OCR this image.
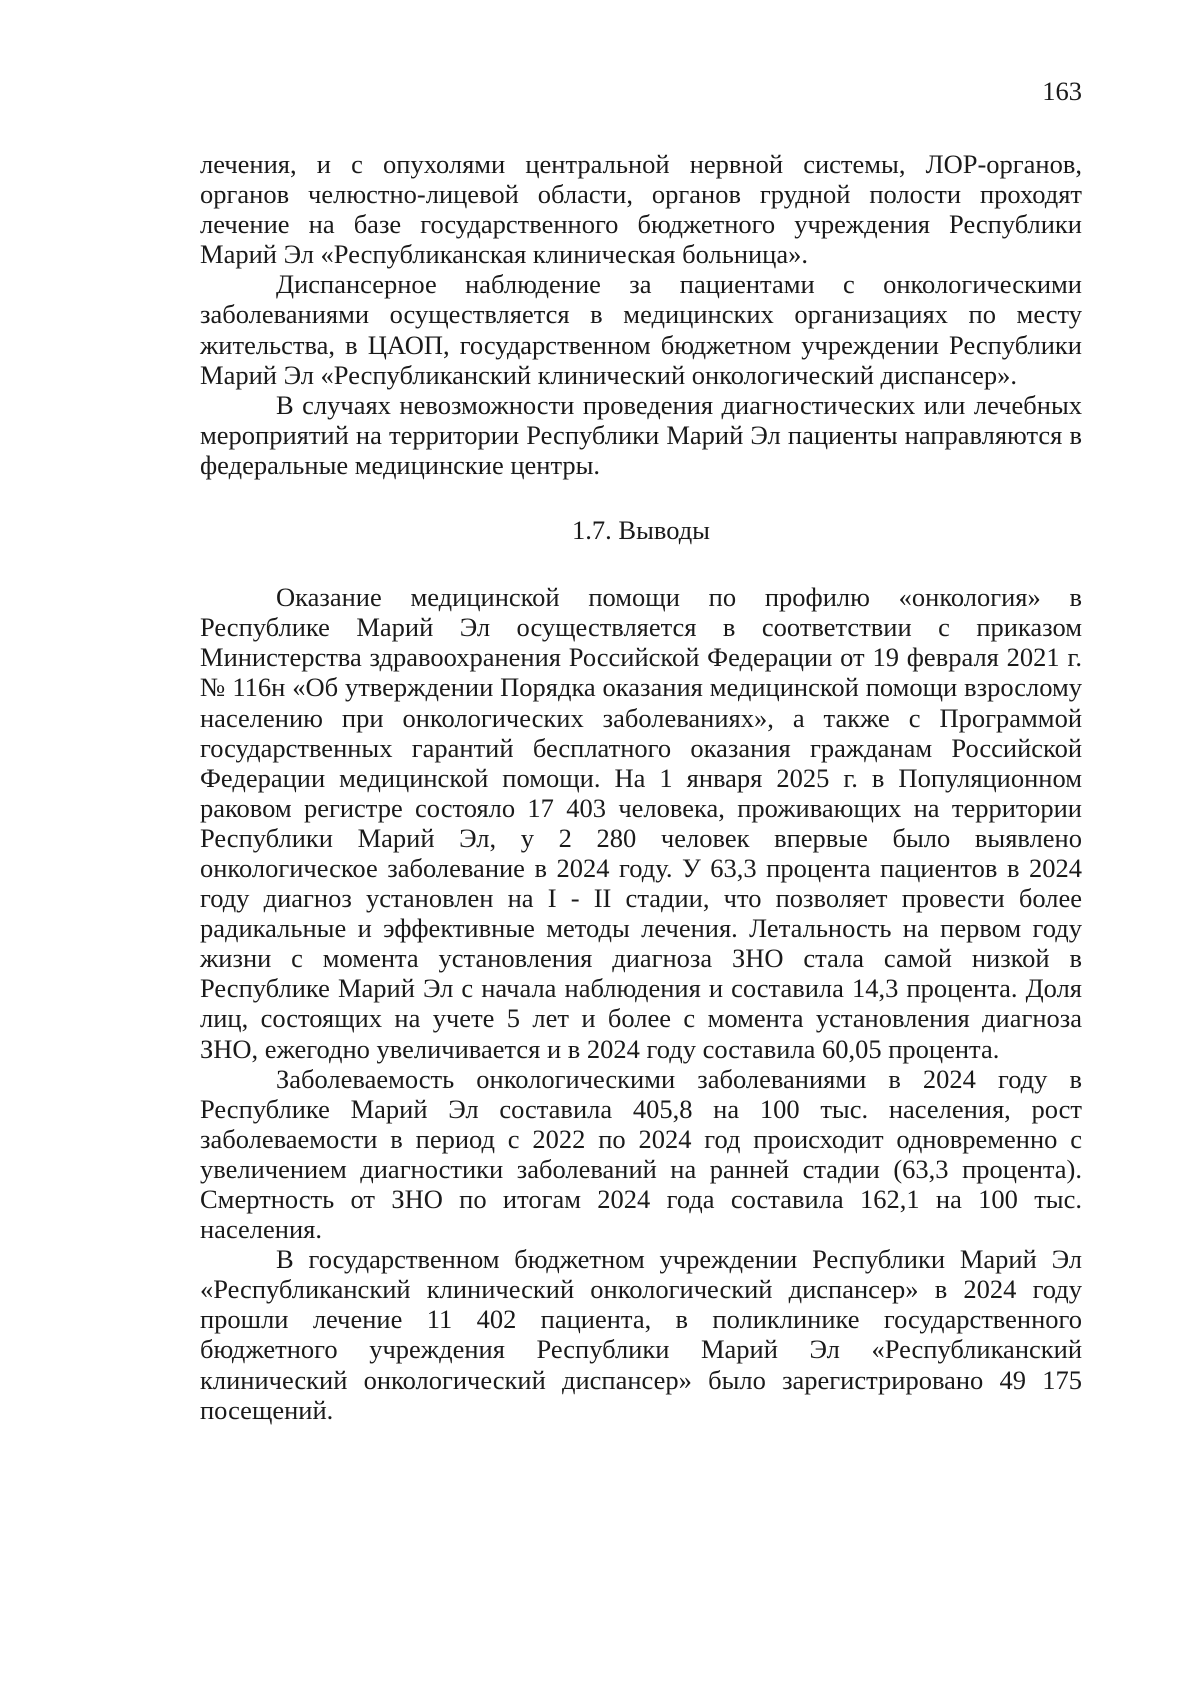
163

лечения, и с опухолями центральной нервной системы, ЛОР-органов, органов челюстно-лицевой области, органов грудной полости проходят лечение на базе государственного бюджетного учреждения Республики Марий Эл «Республиканская клиническая больница».

Диспансерное наблюдение за пациентами с онкологическими заболеваниями осуществляется в медицинских организациях по месту жительства, в ЦАОП, государственном бюджетном учреждении Республики Марий Эл «Республиканский клинический онкологический диспансер».

В случаях невозможности проведения диагностических или лечебных мероприятий на территории Республики Марий Эл пациенты направляются в федеральные медицинские центры.

1.7. Выводы

Оказание медицинской помощи по профилю «онкология» в Республике Марий Эл осуществляется в соответствии с приказом Министерства здравоохранения Российской Федерации от 19 февраля 2021 г. № 116н «Об утверждении Порядка оказания медицинской помощи взрослому населению при онкологических заболеваниях», а также с Программой государственных гарантий бесплатного оказания гражданам Российской Федерации медицинской помощи. На 1 января 2025 г. в Популяционном раковом регистре состояло 17 403 человека, проживающих на территории Республики Марий Эл, у 2 280 человек впервые было выявлено онкологическое заболевание в 2024 году. У 63,3 процента пациентов в 2024 году диагноз установлен на I - II стадии, что позволяет провести более радикальные и эффективные методы лечения. Летальность на первом году жизни с момента установления диагноза ЗНО стала самой низкой в Республике Марий Эл с начала наблюдения и составила 14,3 процента. Доля лиц, состоящих на учете 5 лет и более с момента установления диагноза ЗНО, ежегодно увеличивается и в 2024 году составила 60,05 процента.

Заболеваемость онкологическими заболеваниями в 2024 году в Республике Марий Эл составила 405,8 на 100 тыс. населения, рост заболеваемости в период с 2022 по 2024 год происходит одновременно с увеличением диагностики заболеваний на ранней стадии (63,3 процента). Смертность от ЗНО по итогам 2024 года составила 162,1 на 100 тыс. населения.

В государственном бюджетном учреждении Республики Марий Эл «Республиканский клинический онкологический диспансер» в 2024 году прошли лечение 11 402 пациента, в поликлинике государственного бюджетного учреждения Республики Марий Эл «Республиканский клинический онкологический диспансер» было зарегистрировано 49 175 посещений.
